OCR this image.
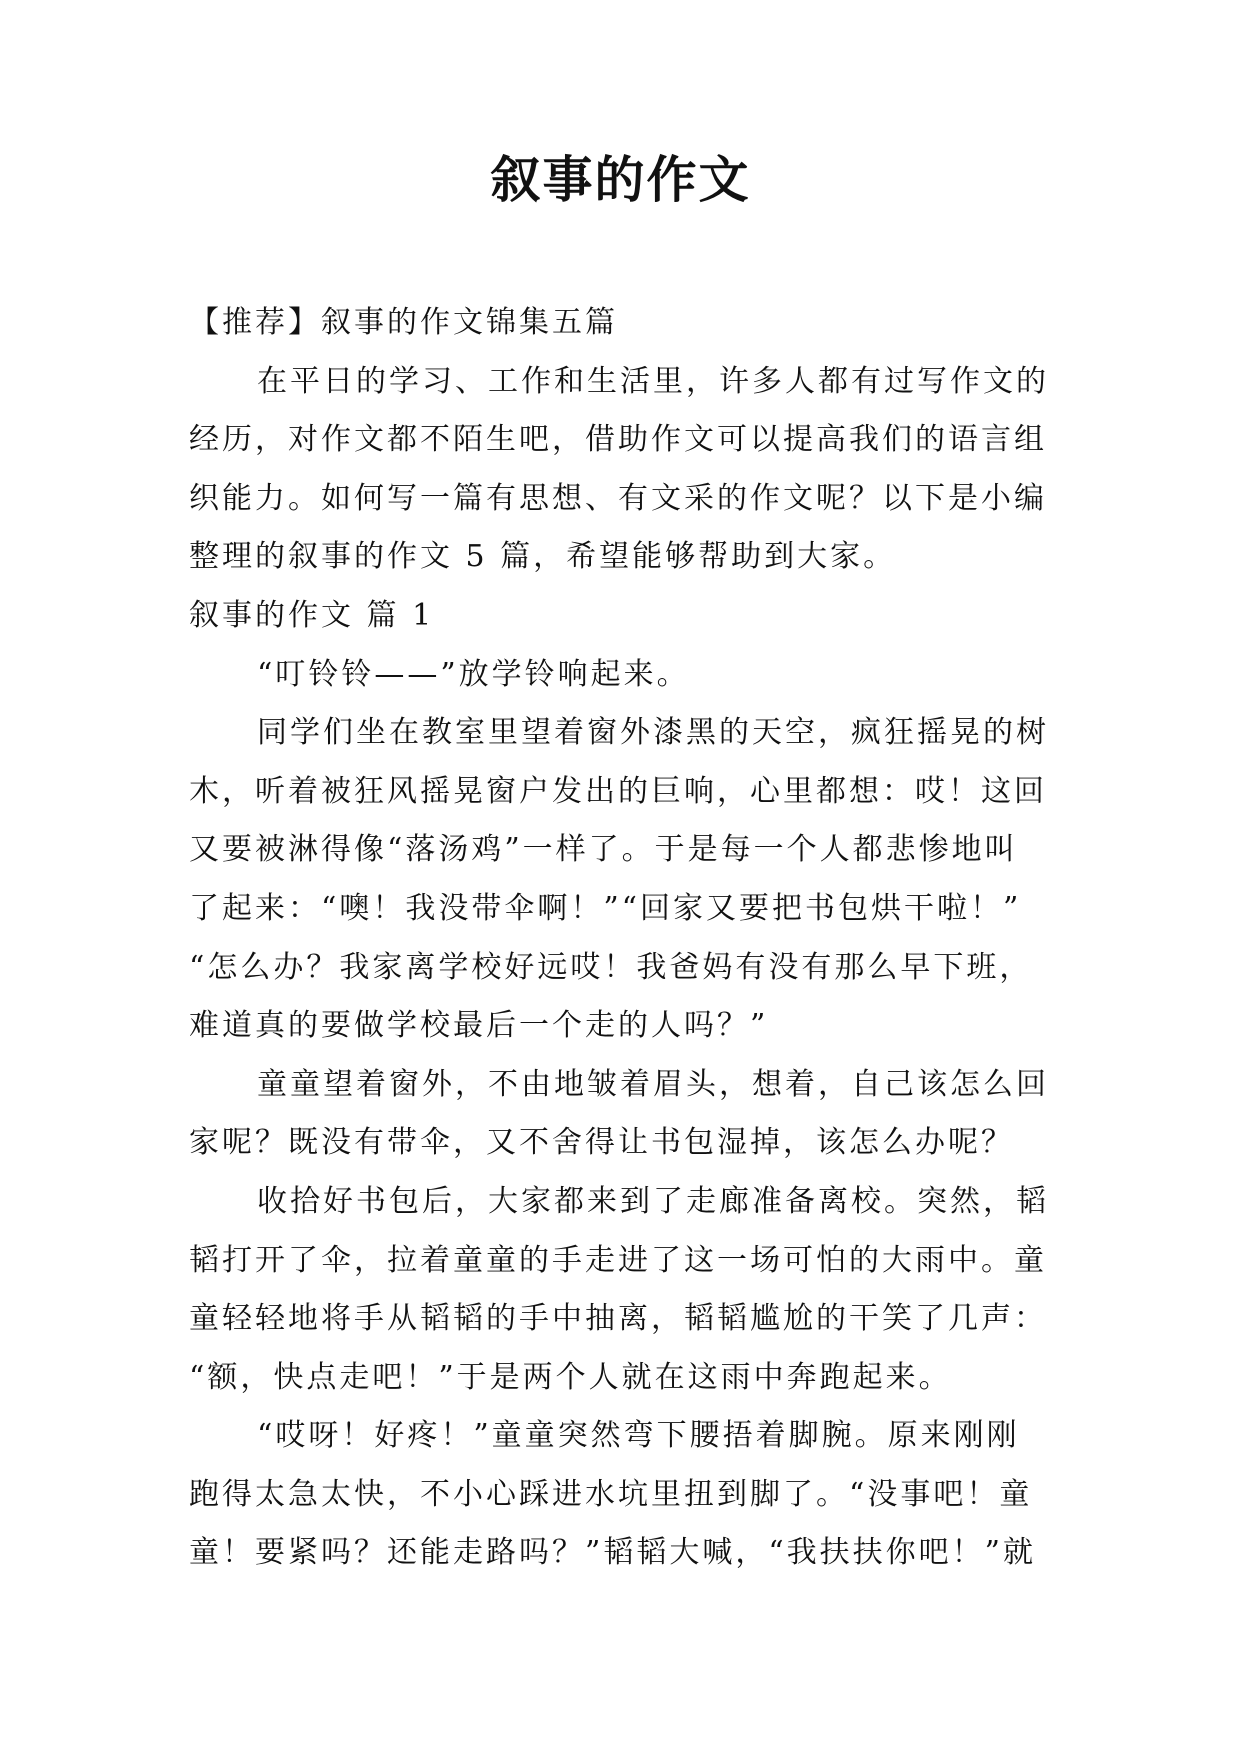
叙事的作文
【推荐】叙事的作文锦集五篇
在平日的学习、工作和生活里，许多人都有过写作文的
经历，对作文都不陌生吧，借助作文可以提高我们的语言组
织能力。如何写一篇有思想、有文采的作文呢？以下是小编
整理的叙事的作文 5 篇，希望能够帮助到大家。
叙事的作文 篇 1
“叮铃铃——”放学铃响起来。
同学们坐在教室里望着窗外漆黑的天空，疯狂摇晃的树
木，听着被狂风摇晃窗户发出的巨响，心里都想：哎！这回
又要被淋得像“落汤鸡”一样了。于是每一个人都悲惨地叫
了起来：“噢！我没带伞啊！”“回家又要把书包烘干啦！”
“怎么办？我家离学校好远哎！我爸妈有没有那么早下班，
难道真的要做学校最后一个走的人吗？”
童童望着窗外，不由地皱着眉头，想着，自己该怎么回
家呢？既没有带伞，又不舍得让书包湿掉，该怎么办呢？
收拾好书包后，大家都来到了走廊准备离校。突然，韬
韬打开了伞，拉着童童的手走进了这一场可怕的大雨中。童
童轻轻地将手从韬韬的手中抽离，韬韬尴尬的干笑了几声：
“额，快点走吧！”于是两个人就在这雨中奔跑起来。
“哎呀！好疼！”童童突然弯下腰捂着脚腕。原来刚刚
跑得太急太快，不小心踩进水坑里扭到脚了。“没事吧！童
童！要紧吗？还能走路吗？”韬韬大喊，“我扶扶你吧！”就
